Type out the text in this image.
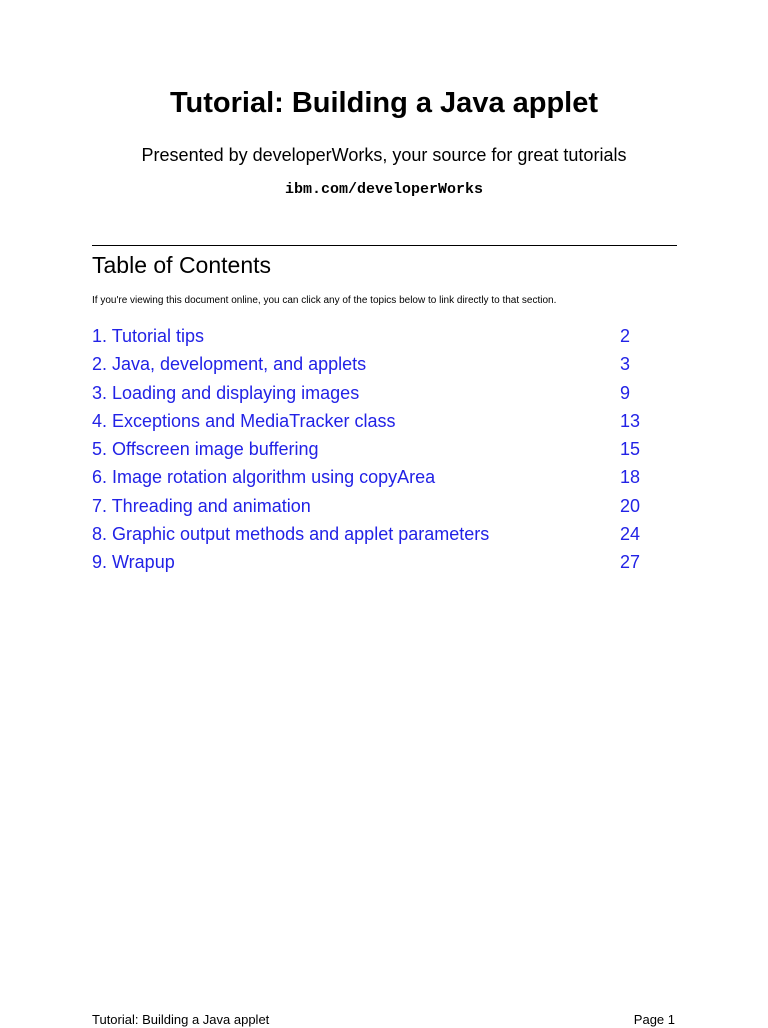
Tutorial: Building a Java applet

Presented by developerWorks, your source for great tutorials

ibm.com/developerWorks

Table of Contents

If you're viewing this document online, you can click any of the topics below to link directly to that section.

1. Tutorial tips	2
2. Java, development, and applets	3
3. Loading and displaying images	9
4. Exceptions and MediaTracker class	13
5. Offscreen image buffering	15
6. Image rotation algorithm using copyArea	18
7. Threading and animation	20
8. Graphic output methods and applet parameters	24
9. Wrapup	27
Tutorial: Building a Java applet	Page 1
